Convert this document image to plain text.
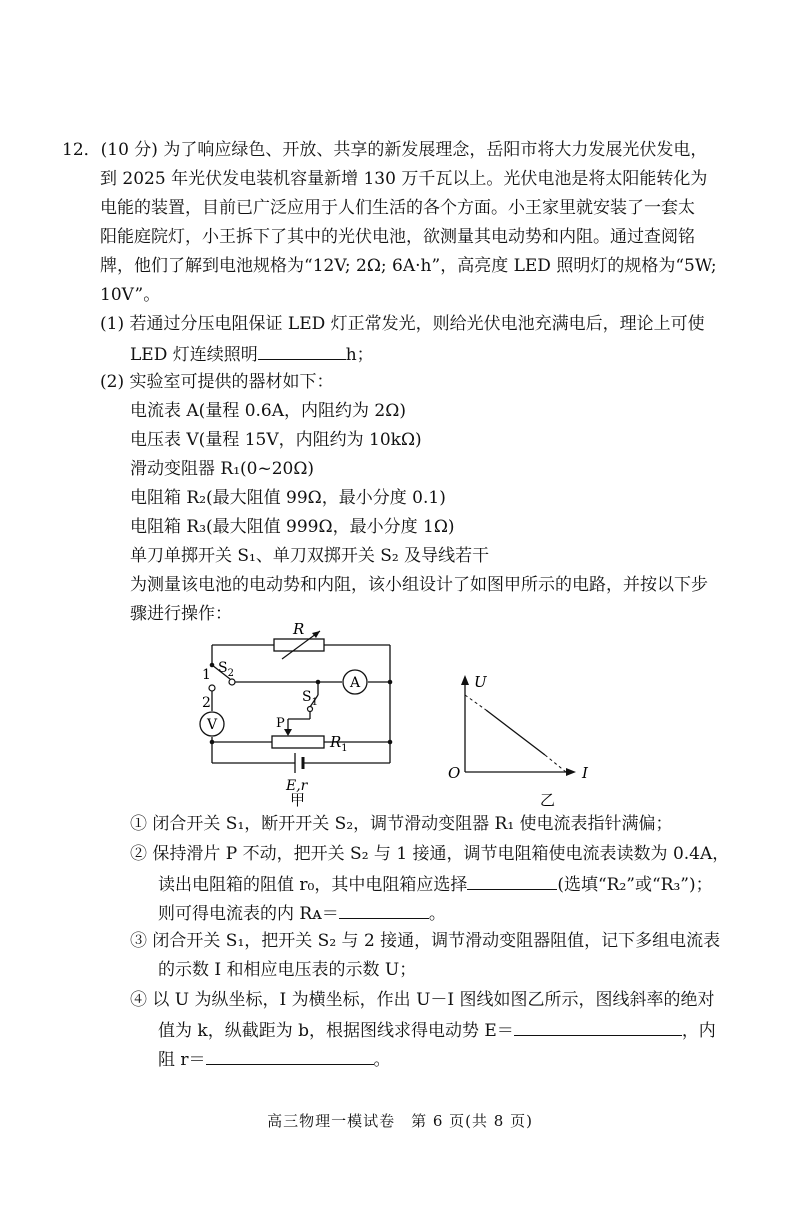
12．(10 分) 为了响应绿色、开放、共享的新发展理念，岳阳市将大力发展光伏发电，
到 2025 年光伏发电装机容量新增 130 万千瓦以上。光伏电池是将太阳能转化为
电能的装置，目前已广泛应用于人们生活的各个方面。小王家里就安装了一套太
阳能庭院灯，小王拆下了其中的光伏电池，欲测量其电动势和内阻。通过查阅铭
牌，他们了解到电池规格为“12V; 2Ω; 6A·h”，高亮度 LED 照明灯的规格为“5W;
10V”。
(1) 若通过分压电阻保证 LED 灯正常发光，则给光伏电池充满电后，理论上可使
LED 灯连续照明	h；
(2) 实验室可提供的器材如下：
电流表 A(量程 0.6A，内阻约为 2Ω)
电压表 V(量程 15V，内阻约为 10kΩ)
滑动变阻器 R₁(0~20Ω)
电阻箱 R₂(最大阻值 99Ω，最小分度 0.1)
电阻箱 R₃(最大阻值 999Ω，最小分度 1Ω)
单刀单掷开关 S₁、单刀双掷开关 S₂ 及导线若干
为测量该电池的电动势和内阻，该小组设计了如图甲所示的电路，并按以下步
骤进行操作：
R
$S_2$
1
2
A
V
$S_1$
P
$R_1$
E,r
甲
U
I
O
乙
① 闭合开关 S₁，断开开关 S₂，调节滑动变阻器 R₁ 使电流表指针满偏；
② 保持滑片 P 不动，把开关 S₂ 与 1 接通，调节电阻箱使电流表读数为 0.4A，
读出电阻箱的阻值 r₀，其中电阻箱应选择	(选填“R₂”或“R₃”)；
则可得电流表的内 Rᴀ＝	。
③ 闭合开关 S₁，把开关 S₂ 与 2 接通，调节滑动变阻器阻值，记下多组电流表
的示数 I 和相应电压表的示数 U；
④ 以 U 为纵坐标，I 为横坐标，作出 U－I 图线如图乙所示，图线斜率的绝对
值为 k，纵截距为 b，根据图线求得电动势 E＝	，内
阻 r＝	。
高三物理一模试卷　第 6 页(共 8 页)
